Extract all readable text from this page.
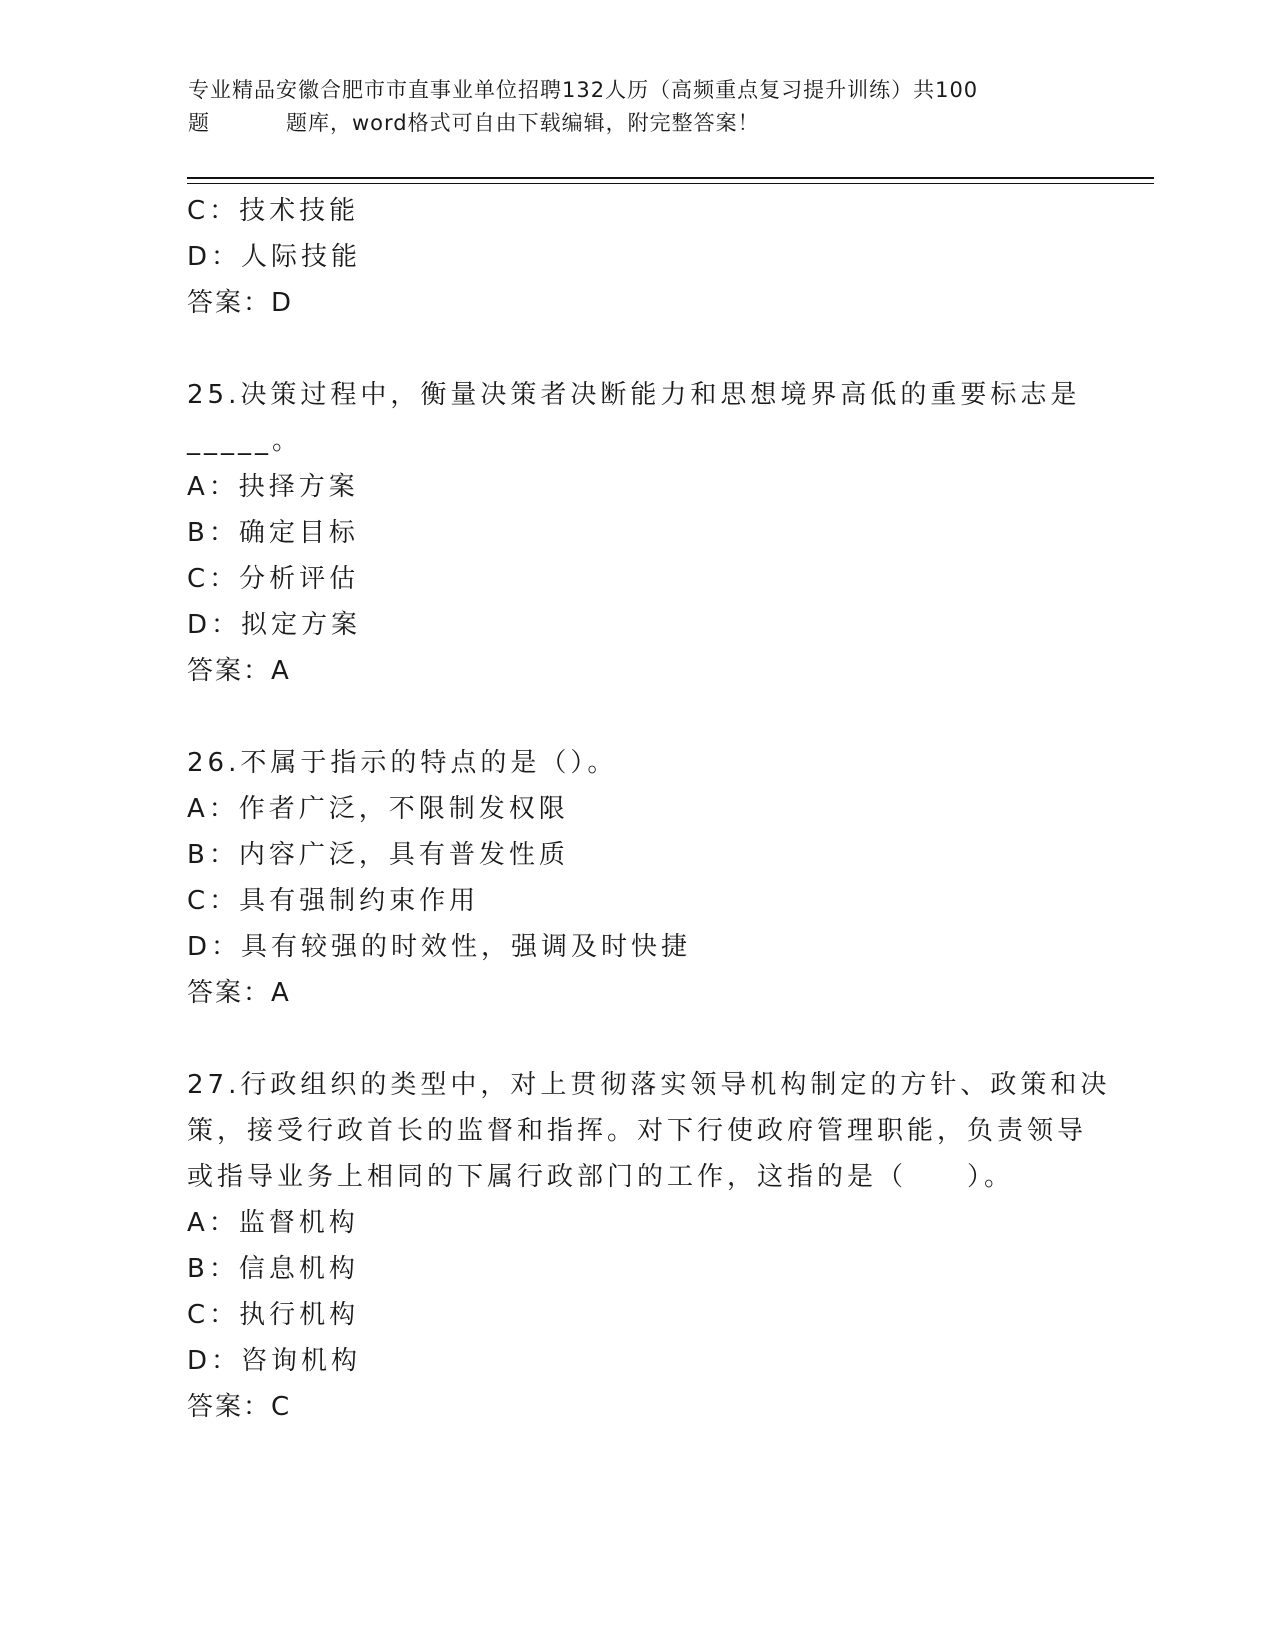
专业精品安徽合肥市市直事业单位招聘132人历（高频重点复习提升训练）共100
题	题库，word格式可自由下载编辑，附完整答案！
C：技术技能
D：人际技能
答案：D
25.决策过程中，衡量决策者决断能力和思想境界高低的重要标志是
_____。
A：抉择方案
B：确定目标
C：分析评估
D：拟定方案
答案：A
26.不属于指示的特点的是（）。
A：作者广泛，不限制发权限
B：内容广泛，具有普发性质
C：具有强制约束作用
D：具有较强的时效性，强调及时快捷
答案：A
27.行政组织的类型中，对上贯彻落实领导机构制定的方针、政策和决
策，接受行政首长的监督和指挥。对下行使政府管理职能，负责领导
或指导业务上相同的下属行政部门的工作，这指的是（　　）。
A：监督机构
B：信息机构
C：执行机构
D：咨询机构
答案：C
